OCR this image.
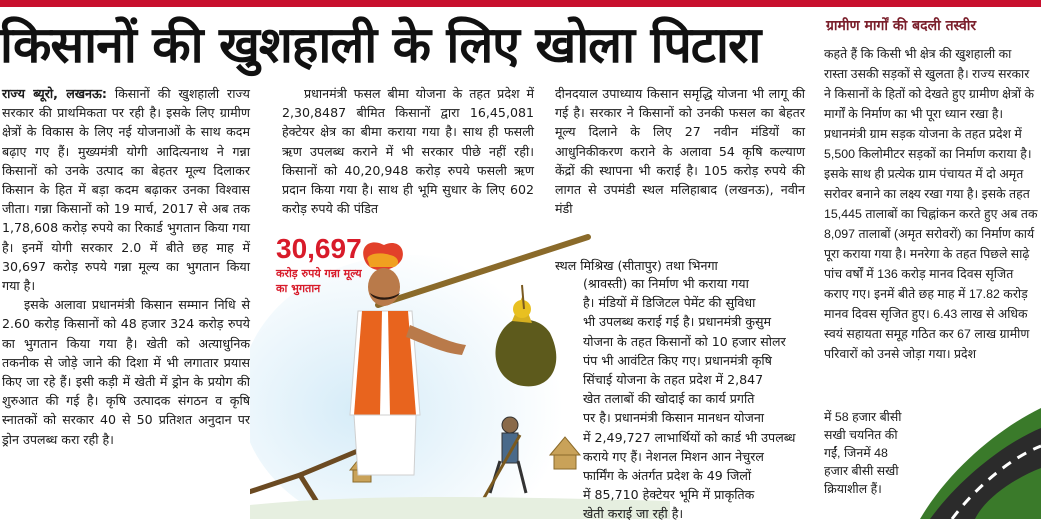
किसानों की खुशहाली के लिए खोला पिटारा

राज्य ब्यूरो, लखनऊ: किसानों की खुशहाली राज्य सरकार की प्राथमिकता पर रही है। इसके लिए ग्रामीण क्षेत्रों के विकास के लिए नई योजनाओं के साथ कदम बढ़ाए गए हैं। मुख्यमंत्री योगी आदित्यनाथ ने गन्ना किसानों को उनके उत्पाद का बेहतर मूल्य दिलाकर किसान के हित में बड़ा कदम बढ़ाकर उनका विश्वास जीता। गन्ना किसानों को 19 मार्च, 2017 से अब तक 1,78,608 करोड़ रुपये का रिकार्ड भुगतान किया गया है। इनमें योगी सरकार 2.0 में बीते छह माह में 30,697 करोड़ रुपये गन्ना मूल्य का भुगतान किया गया है।

इसके अलावा प्रधानमंत्री किसान सम्मान निधि से 2.60 करोड़ किसानों को 48 हजार 324 करोड़ रुपये का भुगतान किया गया है। खेती को अत्याधुनिक तकनीक से जोड़े जाने की दिशा में भी लगातार प्रयास किए जा रहे हैं। इसी कड़ी में खेती में ड्रोन के प्रयोग की शुरुआत की गई है। कृषि उत्पादक संगठन व कृषि स्नातकों को सरकार 40 से 50 प्रतिशत अनुदान पर ड्रोन उपलब्ध करा रही है।

प्रधानमंत्री फसल बीमा योजना के तहत प्रदेश में 2,30,8487 बीमित किसानों द्वारा 16,45,081 हेक्टेयर क्षेत्र का बीमा कराया गया है। साथ ही फसली ऋण उपलब्ध कराने में भी सरकार पीछे नहीं रही। किसानों को 40,20,948 करोड़ रुपये फसली ऋण प्रदान किया गया है। साथ ही भूमि सुधार के लिए 602 करोड़ रुपये की पंडित

दीनदयाल उपाध्याय किसान समृद्धि योजना भी लागू की गई है। सरकार ने किसानों को उनकी फसल का बेहतर मूल्य दिलाने के लिए 27 नवीन मंडियों का आधुनिकीकरण कराने के अलावा 54 कृषि कल्याण केंद्रों की स्थापना भी कराई है। 105 करोड़ रुपये की लागत से उपमंडी स्थल मलिहाबाद (लखनऊ), नवीन मंडी

स्थल मिश्रिख (सीतापुर) तथा भिनगा
30,697
करोड़ रुपये गन्ना मूल्य का भुगतान	(श्रावस्ती) का निर्माण भी कराया गया
है। मंडियों में डिजिटल पेमेंट की सुविधा
भी उपलब्ध कराई गई है। प्रधानमंत्री कुसुम
योजना के तहत किसानों को 10 हजार सोलर
पंप भी आवंटित किए गए। प्रधानमंत्री कृषि
सिंचाई योजना के तहत प्रदेश में 2,847
खेत तलाबों की खोदाई का कार्य प्रगति
पर है। प्रधानमंत्री किसान मानधन योजना
में 2,49,727 लाभार्थियों को कार्ड भी उपलब्ध
कराये गए हैं। नेशनल मिशन आन नेचुरल
फार्मिंग के अंतर्गत प्रदेश के 49 जिलों
में 85,710 हेक्टेयर भूमि में प्राकृतिक
खेती कराई जा रही है।
ग्रामीण मार्गों की बदली तस्वीर
कहते हैं कि किसी भी क्षेत्र की खुशहाली का रास्ता उसकी सड़कों से खुलता है। राज्य सरकार ने किसानों के हितों को देखते हुए ग्रामीण क्षेत्रों के मार्गों के निर्माण का भी पूरा ध्यान रखा है। प्रधानमंत्री ग्राम सड़क योजना के तहत प्रदेश में 5,500 किलोमीटर सड़कों का निर्माण कराया है। इसके साथ ही प्रत्येक ग्राम पंचायत में दो अमृत सरोवर बनाने का लक्ष्य रखा गया है। इसके तहत 15,445 तालाबों का चिह्नांकन करते हुए अब तक 8,097 तालाबों (अमृत सरोवरों) का निर्माण कार्य पूरा कराया गया है। मनरेगा के तहत पिछले साढ़े पांच वर्षों में 136 करोड़ मानव दिवस सृजित कराए गए। इनमें बीते छह माह में 17.82 करोड़ मानव दिवस सृजित हुए। 6.43 लाख से अधिक स्वयं सहायता समूह गठित कर 67 लाख ग्रामीण परिवारों को उनसे जोड़ा गया। प्रदेश
में 58 हजार बीसी सखी चयनित की गईं, जिनमें 48 हजार बीसी सखी क्रियाशील हैं।
